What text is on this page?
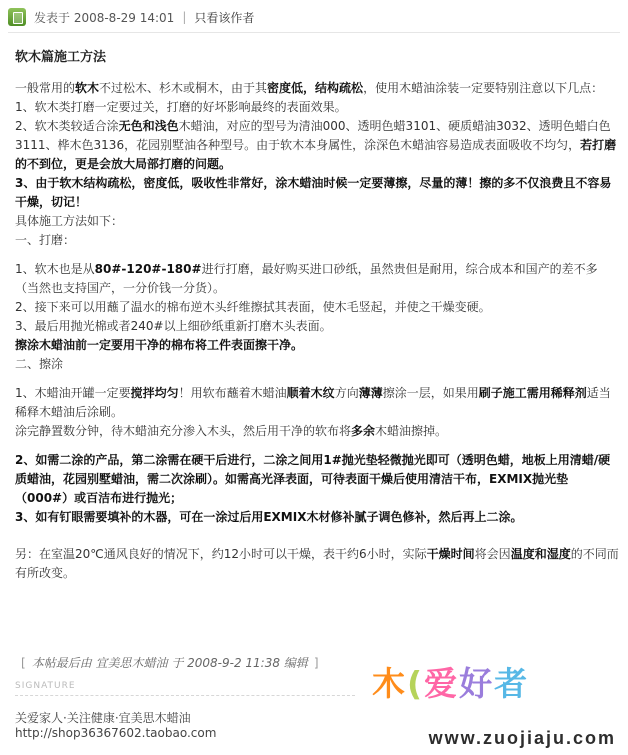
发表于 2008-8-29 14:01 | 只看该作者
软木篇施工方法

一般常用的软木不过松木、杉木或桐木，由于其密度低，结构疏松，使用木蜡油涂装一定要特别注意以下几点：

1、软木类打磨一定要过关，打磨的好坏影响最终的表面效果。

2、软木类较适合涂无色和浅色木蜡油，对应的型号为清油000、透明色蜡3101、硬质蜡油3032、透明色蜡白色3111、桦木色3136，花园别墅油各种型号。由于软木本身属性，涂深色木蜡油容易造成表面吸收不均匀，若打磨的不到位，更是会放大局部打磨的问题。

3、由于软木结构疏松，密度低，吸收性非常好，涂木蜡油时候一定要薄擦，尽量的薄！擦的多不仅浪费且不容易干燥，切记！

具体施工方法如下：

一、打磨：

1、软木也是从80#-120#-180#进行打磨，最好购买进口砂纸，虽然贵但是耐用，综合成本和国产的差不多（当然也支持国产，一分价钱一分货）。

2、接下来可以用蘸了温水的棉布逆木头纤维擦拭其表面，使木毛竖起，并使之干燥变硬。

3、最后用抛光棉或者240#以上细砂纸重新打磨木头表面。

擦涂木蜡油前一定要用干净的棉布将工件表面擦干净。

二、擦涂

1、木蜡油开罐一定要搅拌均匀！用软布蘸着木蜡油顺着木纹方向薄薄擦涂一层，如果用刷子施工需用稀释剂适当稀释木蜡油后涂刷。

涂完静置数分钟，待木蜡油充分渗入木头，然后用干净的软布将多余木蜡油擦掉。

2、如需二涂的产品，第二涂需在硬干后进行，二涂之间用1#抛光垫轻微抛光即可（透明色蜡，地板上用清蜡/硬质蜡油，花园别墅蜡油，需二次涂刷）。如需高光泽表面，可待表面干燥后使用清洁干布，EXMIX抛光垫（000#）或百洁布进行抛光；

3、如有钉眼需要填补的木器，可在一涂过后用EXMIX木材修补腻子调色修补，然后再上二涂。

另：在室温20℃通风良好的情况下，约12小时可以干燥，表干约6小时，实际干燥时间将会因温度和湿度的不同而有所改变。

[ 本帖最后由 宜美思木蜡油 于 2008-9-2 11:38 编辑 ]
SIGNATURE
关爱家人·关注健康·宜美思木蜡油
http://shop36367602.taobao.com
木(爱好者
www.zuojiaju.com
